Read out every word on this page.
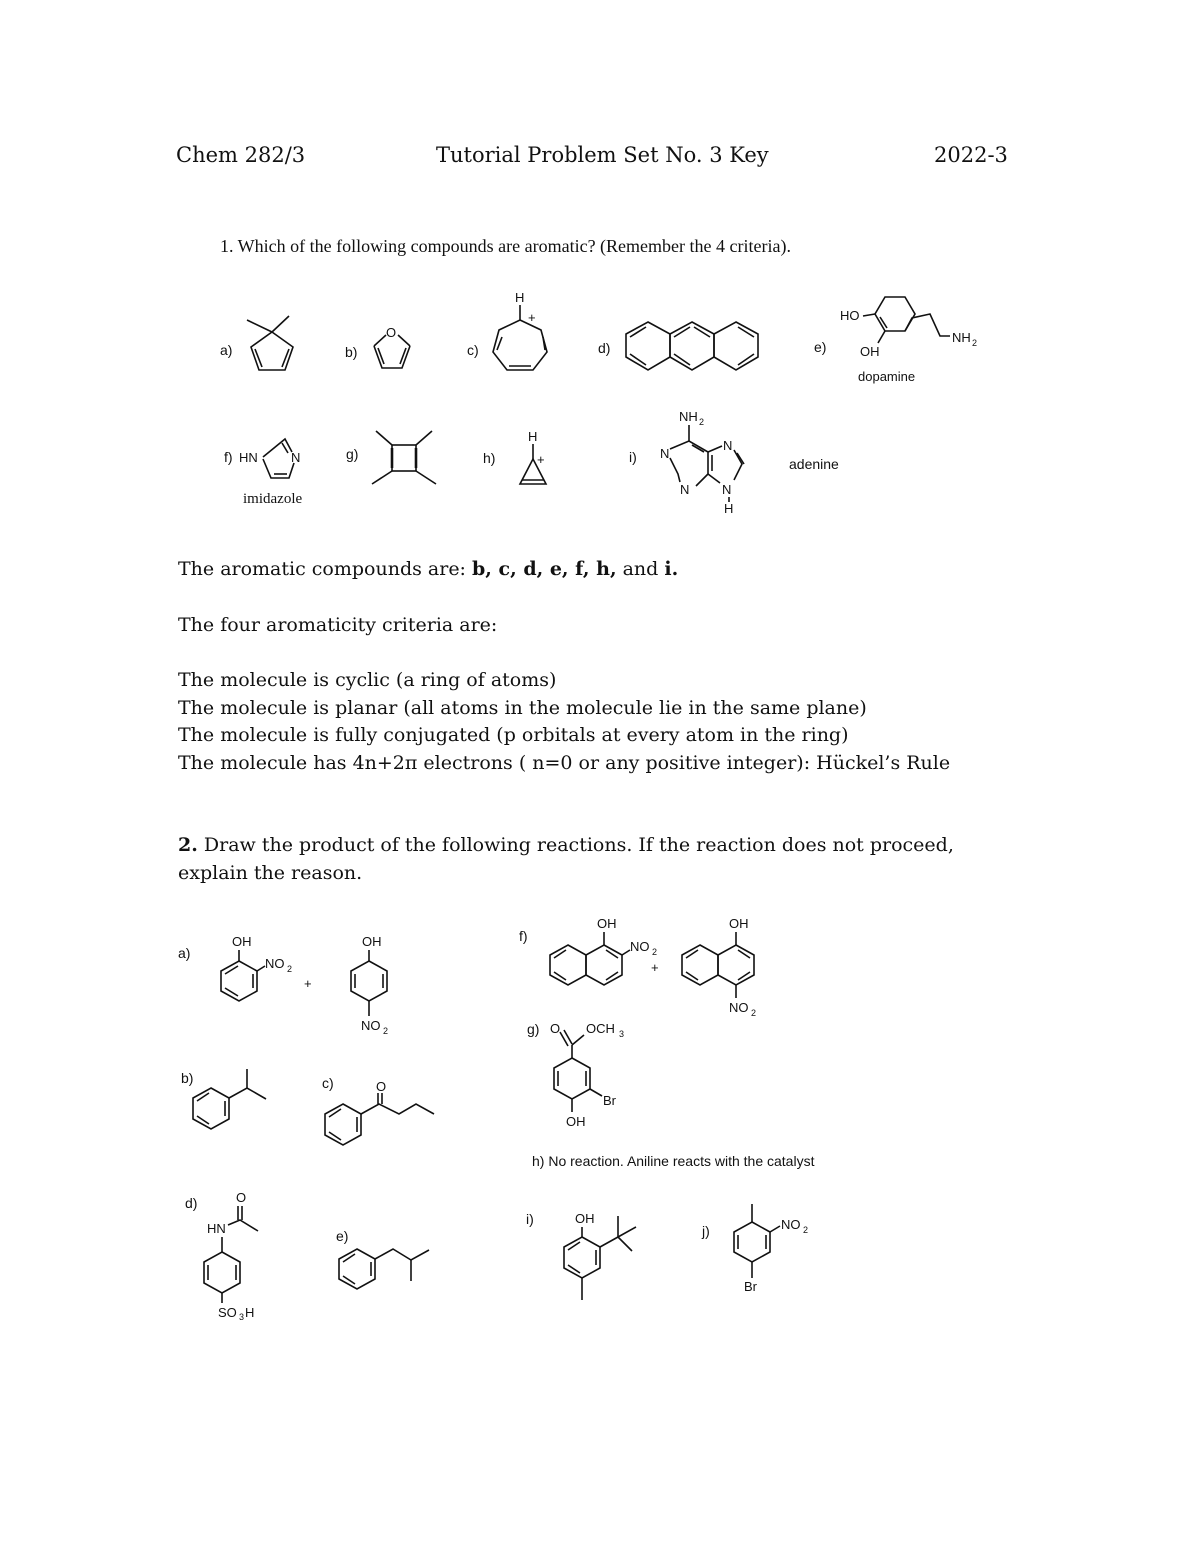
Chem 282/3	Tutorial Problem Set No. 3 Key	2022-3
1. Which of the following compounds are aromatic? (Remember the 4 criteria).
a)	b)
O
c)
H
+
d)	e)
HO
OH
NH 2
dopamine
f) HN	N
imidazole
g)	h)
H
+	i)
NH 2
N
N
N
N
H
adenine
a)
OH
NO 2
+
OH
NO 2
b)	c)	O
d)	O
HN
SO 3 H
e)
f)
OH
NO 2
+
OH
NO 2
g) O OCH 3
Br
OH
h) No reaction. Aniline reacts with the catalyst
i)	OH
j)	NO 2
Br
The aromatic compounds are: b, c, d, e, f, h, and i.
The four aromaticity criteria are:
The molecule is cyclic (a ring of atoms)
The molecule is planar (all atoms in the molecule lie in the same plane)
The molecule is fully conjugated (p orbitals at every atom in the ring)
The molecule has 4n+2π electrons ( n=0 or any positive integer): Hückel’s Rule
2. Draw the product of the following reactions. If the reaction does not proceed,
explain the reason.
